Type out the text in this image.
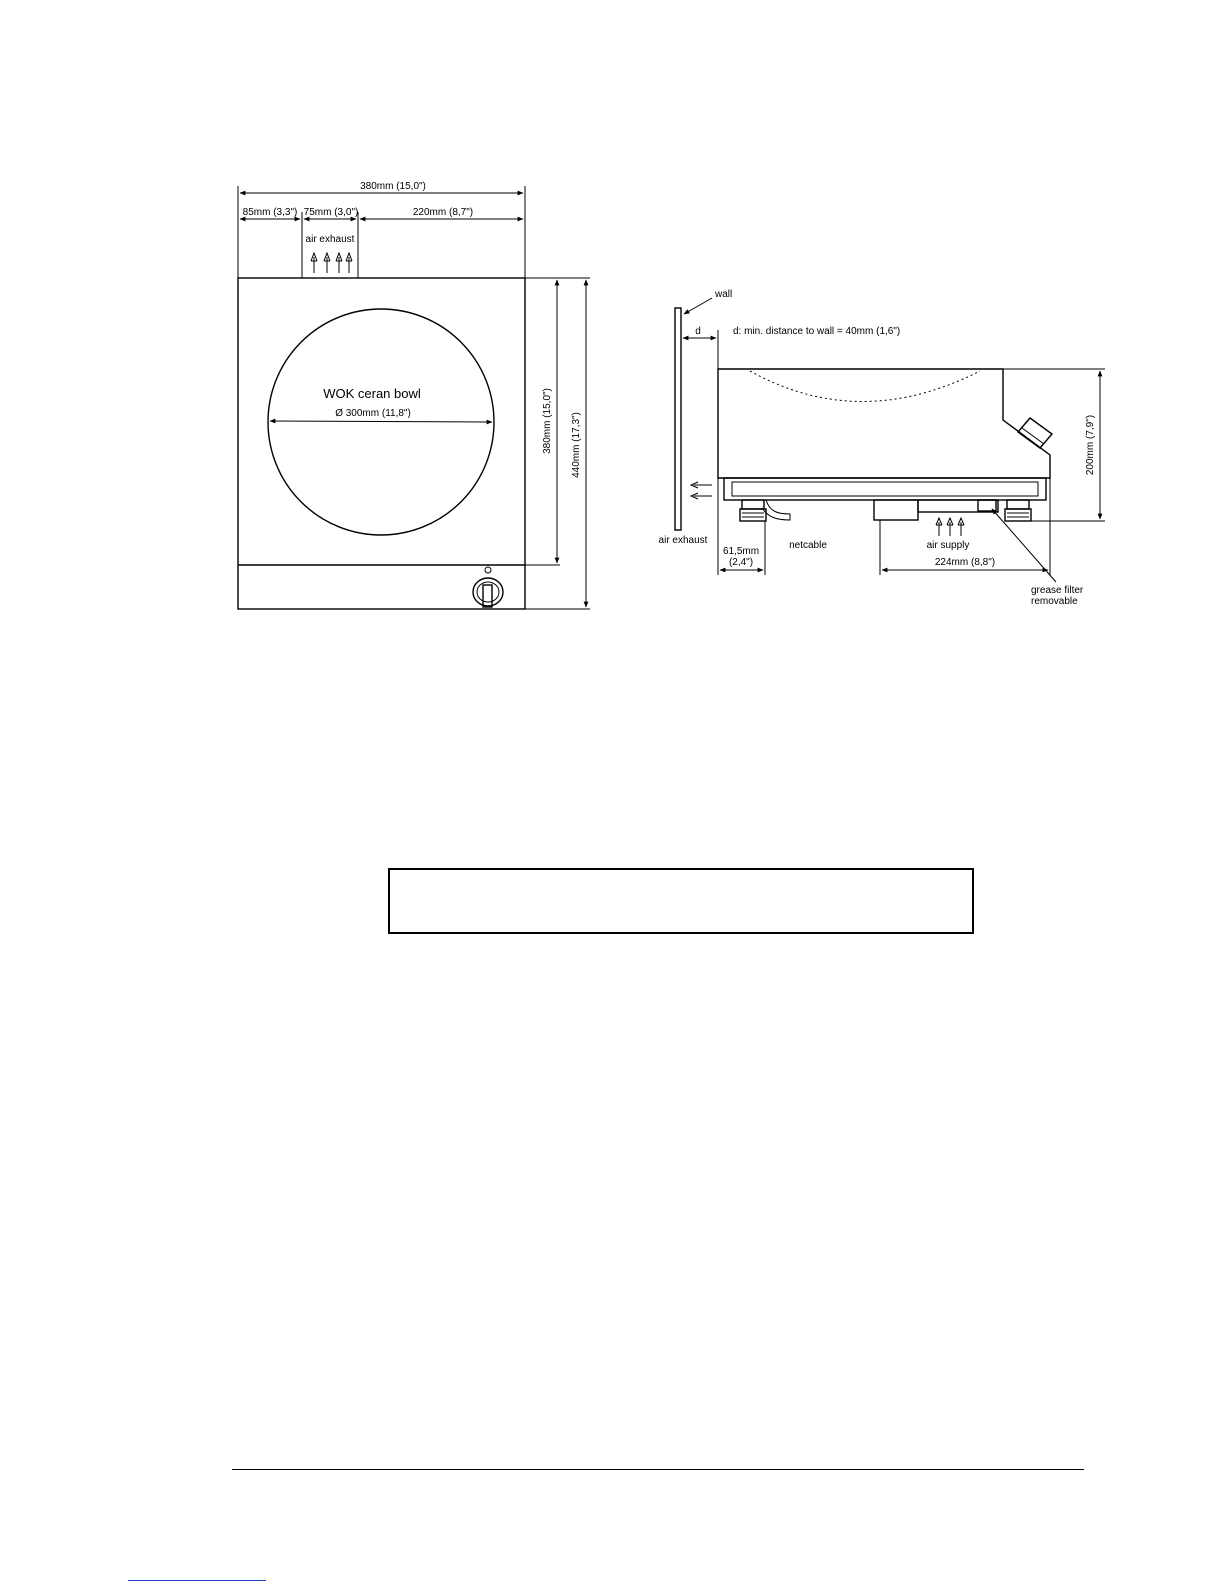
380mm (15,0")
85mm (3,3") 75mm (3,0")	220mm (8,7")
air exhaust
WOK ceran bowl
Ø 300mm (11,8")	380mm (15,0") 440mm (17,3")
wall
d	d: min. distance to wall = 40mm (1,6")
air exhaust
200mm (7,9")
61,5mm
(2,4")
netcable	air supply
224mm (8,8")
grease filter
removable
